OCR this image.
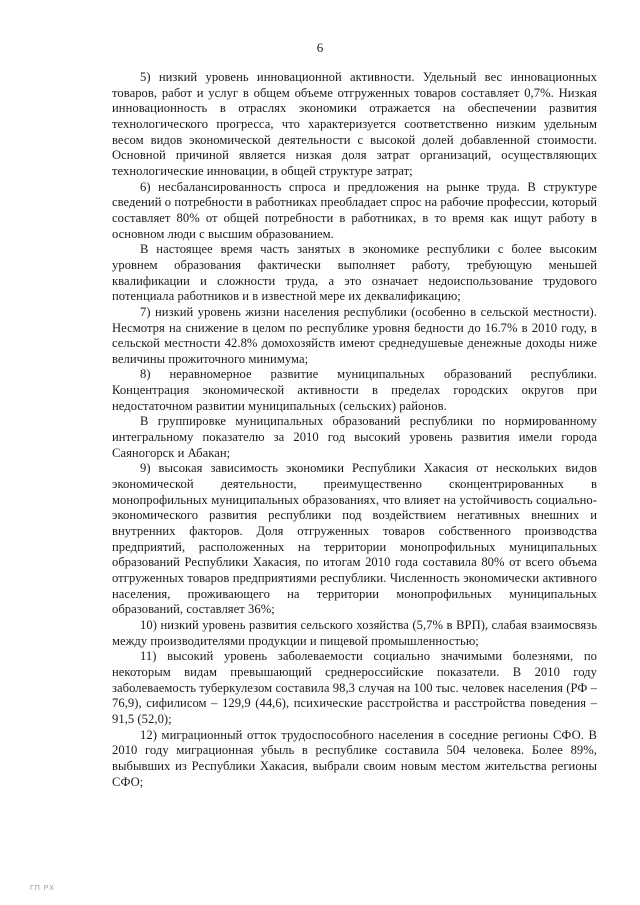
6

5) низкий уровень инновационной активности. Удельный вес инновационных товаров, работ и услуг в общем объеме отгруженных товаров составляет 0,7%. Низкая инновационность в отраслях экономики отражается на обеспечении развития технологического прогресса, что характеризуется соответственно низким удельным весом видов экономической деятельности с высокой долей добавленной стоимости. Основной причиной является низкая доля затрат организаций, осуществляющих технологические инновации, в общей структуре затрат;

6) несбалансированность спроса и предложения на рынке труда. В структуре сведений о потребности в работниках преобладает спрос на рабочие профессии, который составляет 80% от общей потребности в работниках, в то время как ищут работу в основном люди с высшим образованием.

В настоящее время часть занятых в экономике республики с более высоким уровнем образования фактически выполняет работу, требующую меньшей квалификации и сложности труда, а это означает недоиспользование трудового потенциала работников и в известной мере их деквалификацию;

7) низкий уровень жизни населения республики (особенно в сельской местности). Несмотря на снижение в целом по республике уровня бедности до 16.7% в 2010 году, в сельской местности 42.8% домохозяйств имеют среднедушевые денежные доходы ниже величины прожиточного минимума;

8) неравномерное развитие муниципальных образований республики. Концентрация экономической активности в пределах городских округов при недостаточном развитии муниципальных (сельских) районов.

В группировке муниципальных образований республики по нормированному интегральному показателю за 2010 год высокий уровень развития имели города Саяногорск и Абакан;

9) высокая зависимость экономики Республики Хакасия от нескольких видов экономической деятельности, преимущественно сконцентрированных в монопрофильных муниципальных образованиях, что влияет на устойчивость социально-экономического развития республики под воздействием негативных внешних и внутренних факторов. Доля отгруженных товаров собственного производства предприятий, расположенных на территории монопрофильных муниципальных образований Республики Хакасия, по итогам 2010 года составила 80% от всего объема отгруженных товаров предприятиями республики. Численность экономически активного населения, проживающего на территории монопрофильных муниципальных образований, составляет 36%;

10) низкий уровень развития сельского хозяйства (5,7% в ВРП), слабая взаимосвязь между производителями продукции и пищевой промышленностью;

11) высокий уровень заболеваемости социально значимыми болезнями, по некоторым видам превышающий среднероссийские показатели. В 2010 году заболеваемость туберкулезом составила 98,3 случая на 100 тыс. человек населения (РФ – 76,9), сифилисом – 129,9 (44,6), психические расстройства и расстройства поведения – 91,5 (52,0);

12) миграционный отток трудоспособного населения в соседние регионы СФО. В 2010 году миграционная убыль в республике составила 504 человека. Более 89%, выбывших из Республики Хакасия, выбрали своим новым местом жительства регионы СФО;

ГП РХ
